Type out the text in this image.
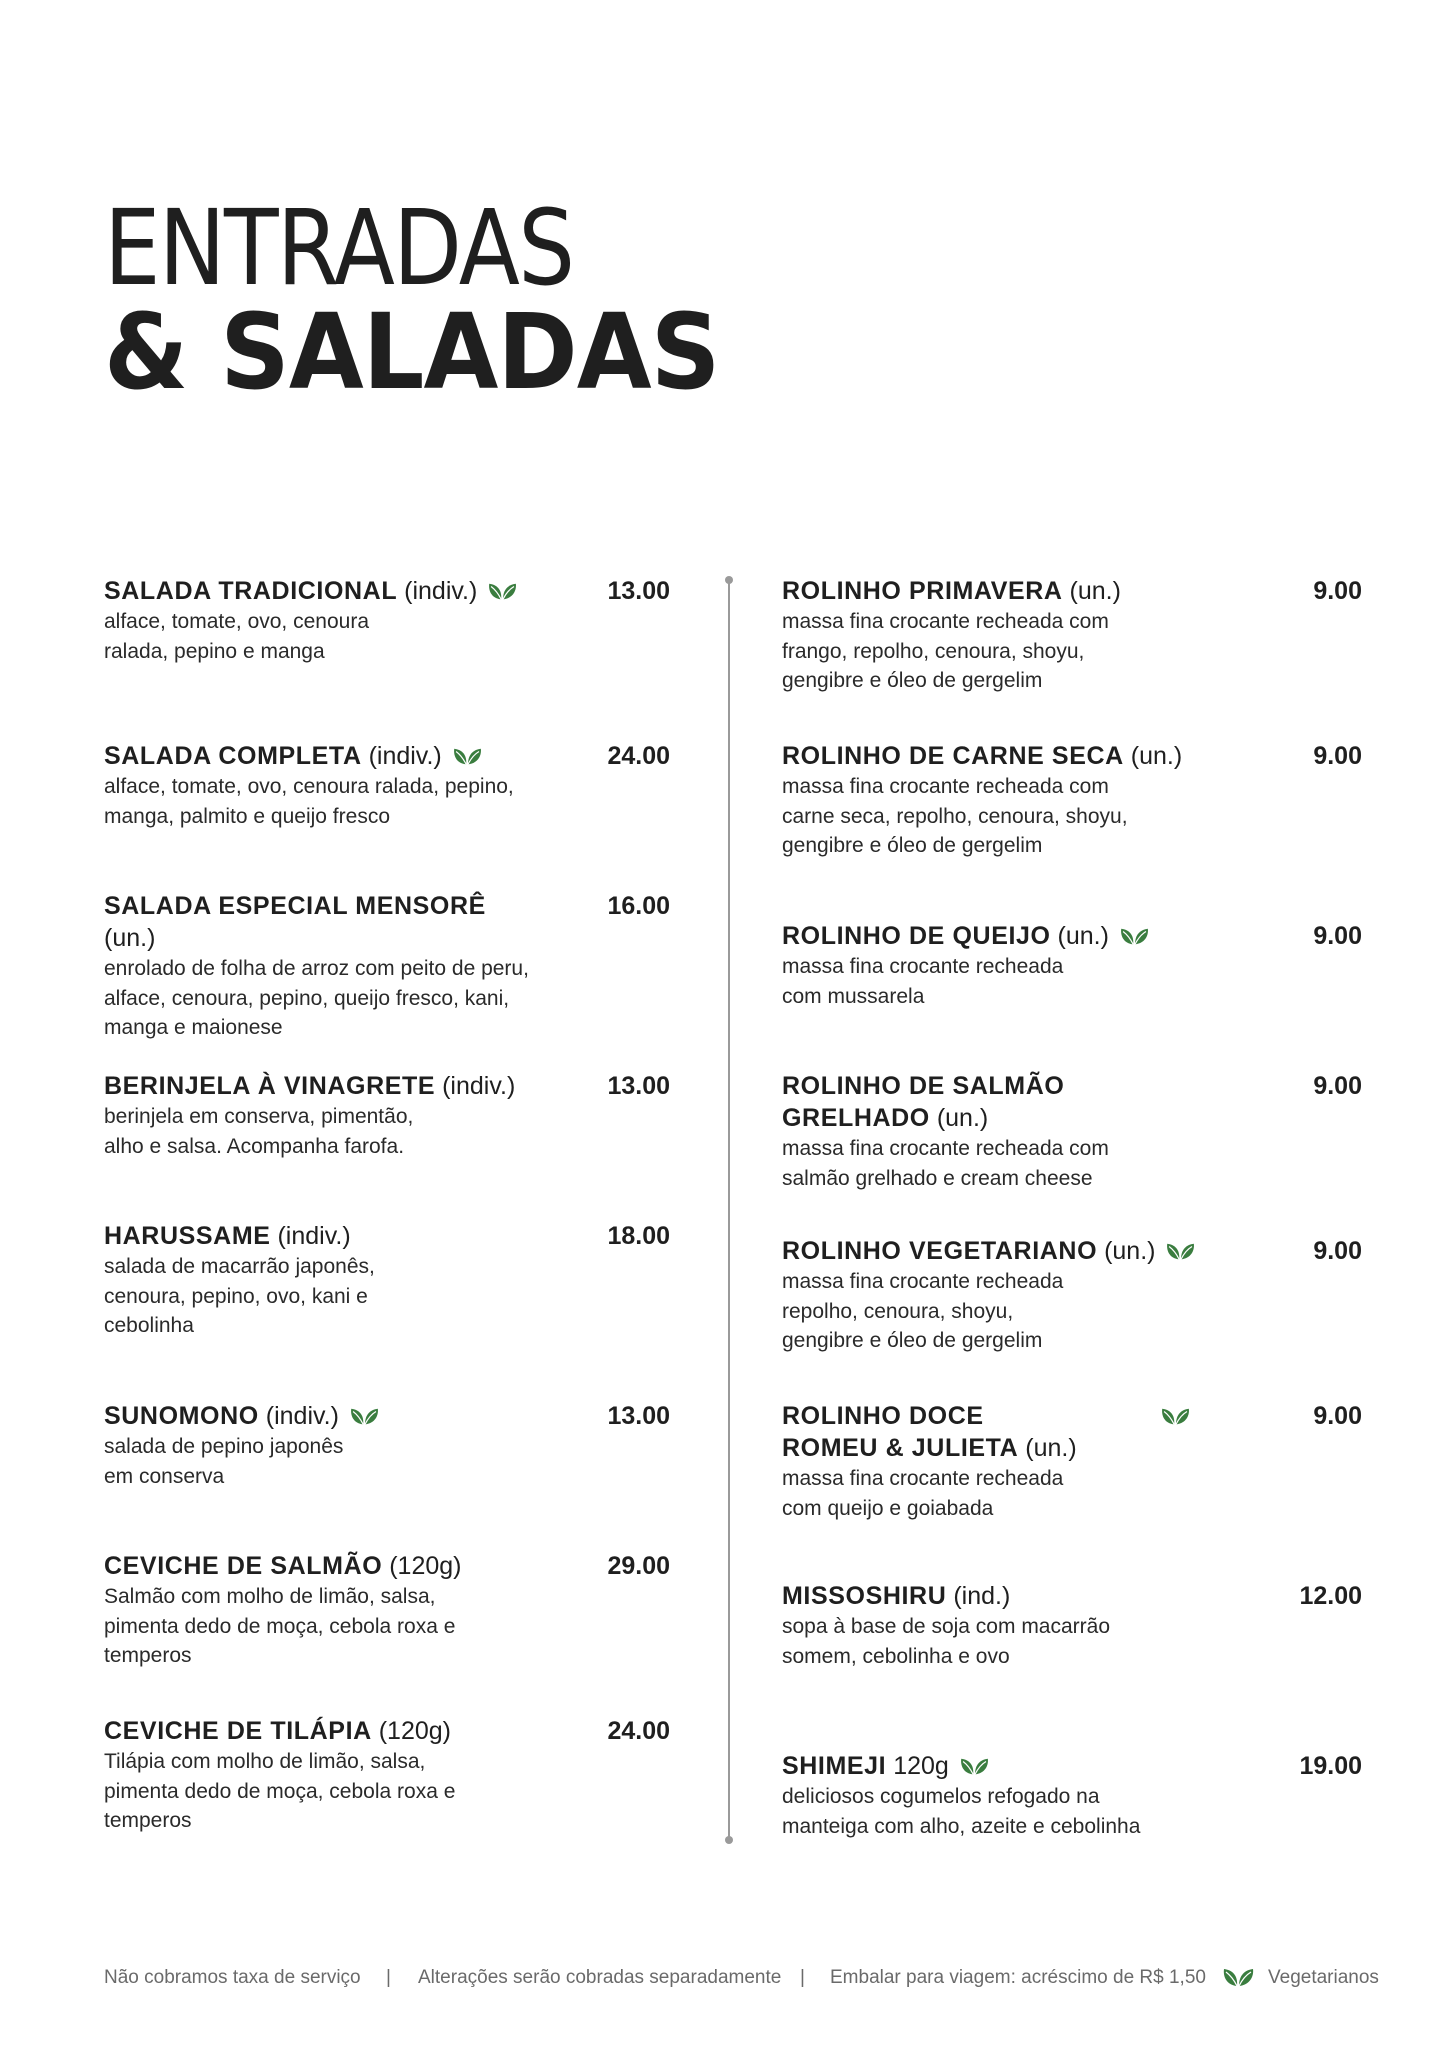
ENTRADAS
& SALADAS

SALADA TRADICIONAL (indiv.)

alface, tomate, ovo, cenoura

ralada, pepino e manga

13.00

SALADA COMPLETA (indiv.)

alface, tomate, ovo, cenoura ralada, pepino,

manga, palmito e queijo fresco

24.00

SALADA ESPECIAL MENSORÊ (un.)

enrolado de folha de arroz com peito de peru,

alface, cenoura, pepino, queijo fresco, kani,

manga e maionese

16.00

BERINJELA À VINAGRETE (indiv.)

berinjela em conserva, pimentão,

alho e salsa. Acompanha farofa.

13.00

HARUSSAME (indiv.)

salada de macarrão japonês,

cenoura, pepino, ovo, kani e

cebolinha

18.00

SUNOMONO (indiv.)

salada de pepino japonês

em conserva

13.00

CEVICHE DE SALMÃO (120g)

Salmão com molho de limão, salsa,

pimenta dedo de moça, cebola roxa e

temperos

29.00

CEVICHE DE TILÁPIA (120g)

Tilápia com molho de limão, salsa,

pimenta dedo de moça, cebola roxa e

temperos

24.00

ROLINHO PRIMAVERA (un.)

massa fina crocante recheada com

frango, repolho, cenoura, shoyu,

gengibre e óleo de gergelim

9.00

ROLINHO DE CARNE SECA (un.)

massa fina crocante recheada com

carne seca, repolho, cenoura, shoyu,

gengibre e óleo de gergelim

9.00

ROLINHO DE QUEIJO (un.)

massa fina crocante recheada

com mussarela

9.00

ROLINHO DE SALMÃO
GRELHADO (un.)

massa fina crocante recheada com

salmão grelhado e cream cheese

9.00

ROLINHO VEGETARIANO (un.)

massa fina crocante recheada

repolho, cenoura, shoyu,

gengibre e óleo de gergelim

9.00

ROLINHO DOCE
ROMEU & JULIETA (un.)

massa fina crocante recheada

com queijo e goiabada

9.00

MISSOSHIRU (ind.)

sopa à base de soja com macarrão

somem, cebolinha e ovo

12.00

SHIMEJI 120g

deliciosos cogumelos refogado na

manteiga com alho, azeite e cebolinha

19.00
Não cobramos taxa de serviço | Alterações serão cobradas separadamente | Embalar para viagem: acréscimo de R$ 1,50	Vegetarianos
